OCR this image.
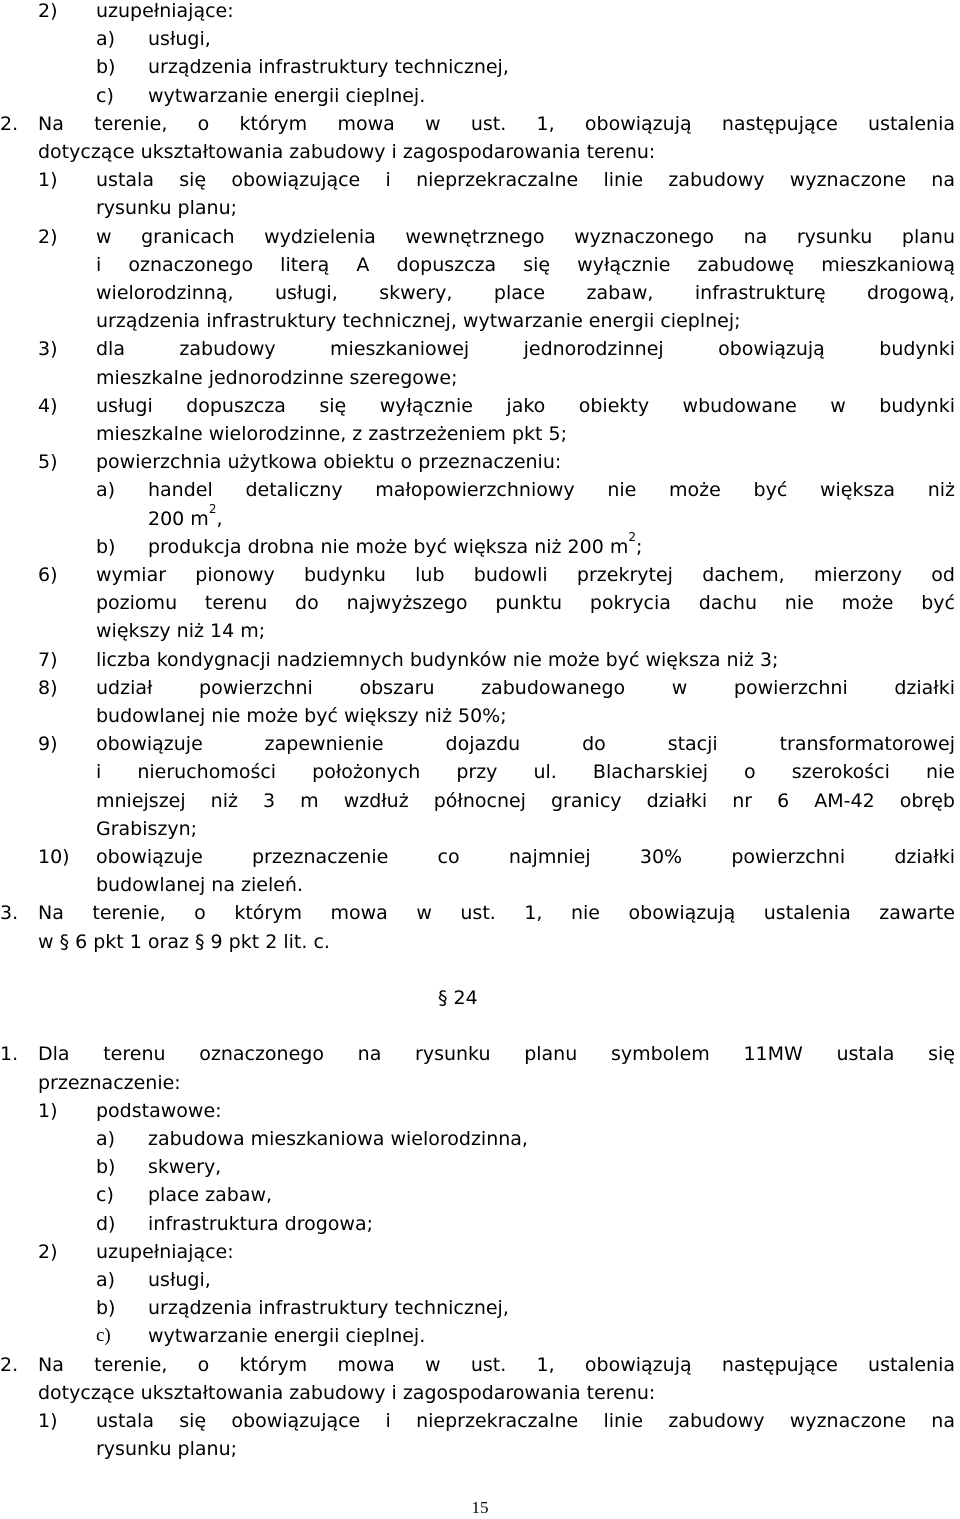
2) uzupełniające:
a) usługi,
b) urządzenia infrastruktury technicznej,
c) wytwarzanie energii cieplnej.
2. Na terenie, o którym mowa w ust. 1, obowiązują następujące ustalenia
dotyczące ukształtowania zabudowy i zagospodarowania terenu:
1) ustala się obowiązujące i nieprzekraczalne linie zabudowy wyznaczone na
rysunku planu;
2) w granicach wydzielenia wewnętrznego wyznaczonego na rysunku planu
i oznaczonego literą A dopuszcza się wyłącznie zabudowę mieszkaniową
wielorodzinną, usługi, skwery, place zabaw, infrastrukturę drogową,
urządzenia infrastruktury technicznej, wytwarzanie energii cieplnej;
3) dla zabudowy mieszkaniowej jednorodzinnej obowiązują budynki
mieszkalne jednorodzinne szeregowe;
4) usługi dopuszcza się wyłącznie jako obiekty wbudowane w budynki
mieszkalne wielorodzinne, z zastrzeżeniem pkt 5;
5) powierzchnia użytkowa obiektu o przeznaczeniu:
a) handel detaliczny małopowierzchniowy nie może być większa niż
200 $m^2$,
b) produkcja drobna nie może być większa niż 200 $m^2$;
6) wymiar pionowy budynku lub budowli przekrytej dachem, mierzony od
poziomu terenu do najwyższego punktu pokrycia dachu nie może być
większy niż 14 m;
7) liczba kondygnacji nadziemnych budynków nie może być większa niż 3;
8) udział powierzchni obszaru zabudowanego w powierzchni działki
budowlanej nie może być większy niż 50%;
9) obowiązuje zapewnienie dojazdu do stacji transformatorowej
i nieruchomości położonych przy ul. Blacharskiej o szerokości nie
mniejszej niż 3 m wzdłuż północnej granicy działki nr 6 AM-42 obręb
Grabiszyn;
10) obowiązuje przeznaczenie co najmniej 30% powierzchni działki
budowlanej na zieleń.
3. Na terenie, o którym mowa w ust. 1, nie obowiązują ustalenia zawarte
w § 6 pkt 1 oraz § 9 pkt 2 lit. c.
§ 24
1. Dla terenu oznaczonego na rysunku planu symbolem 11MW ustala się
przeznaczenie:
1) podstawowe:
a) zabudowa mieszkaniowa wielorodzinna,
b) skwery,
c) place zabaw,
d) infrastruktura drogowa;
2) uzupełniające:
a) usługi,
b) urządzenia infrastruktury technicznej,
c) wytwarzanie energii cieplnej.
2. Na terenie, o którym mowa w ust. 1, obowiązują następujące ustalenia
dotyczące ukształtowania zabudowy i zagospodarowania terenu:
1) ustala się obowiązujące i nieprzekraczalne linie zabudowy wyznaczone na
rysunku planu;
15
